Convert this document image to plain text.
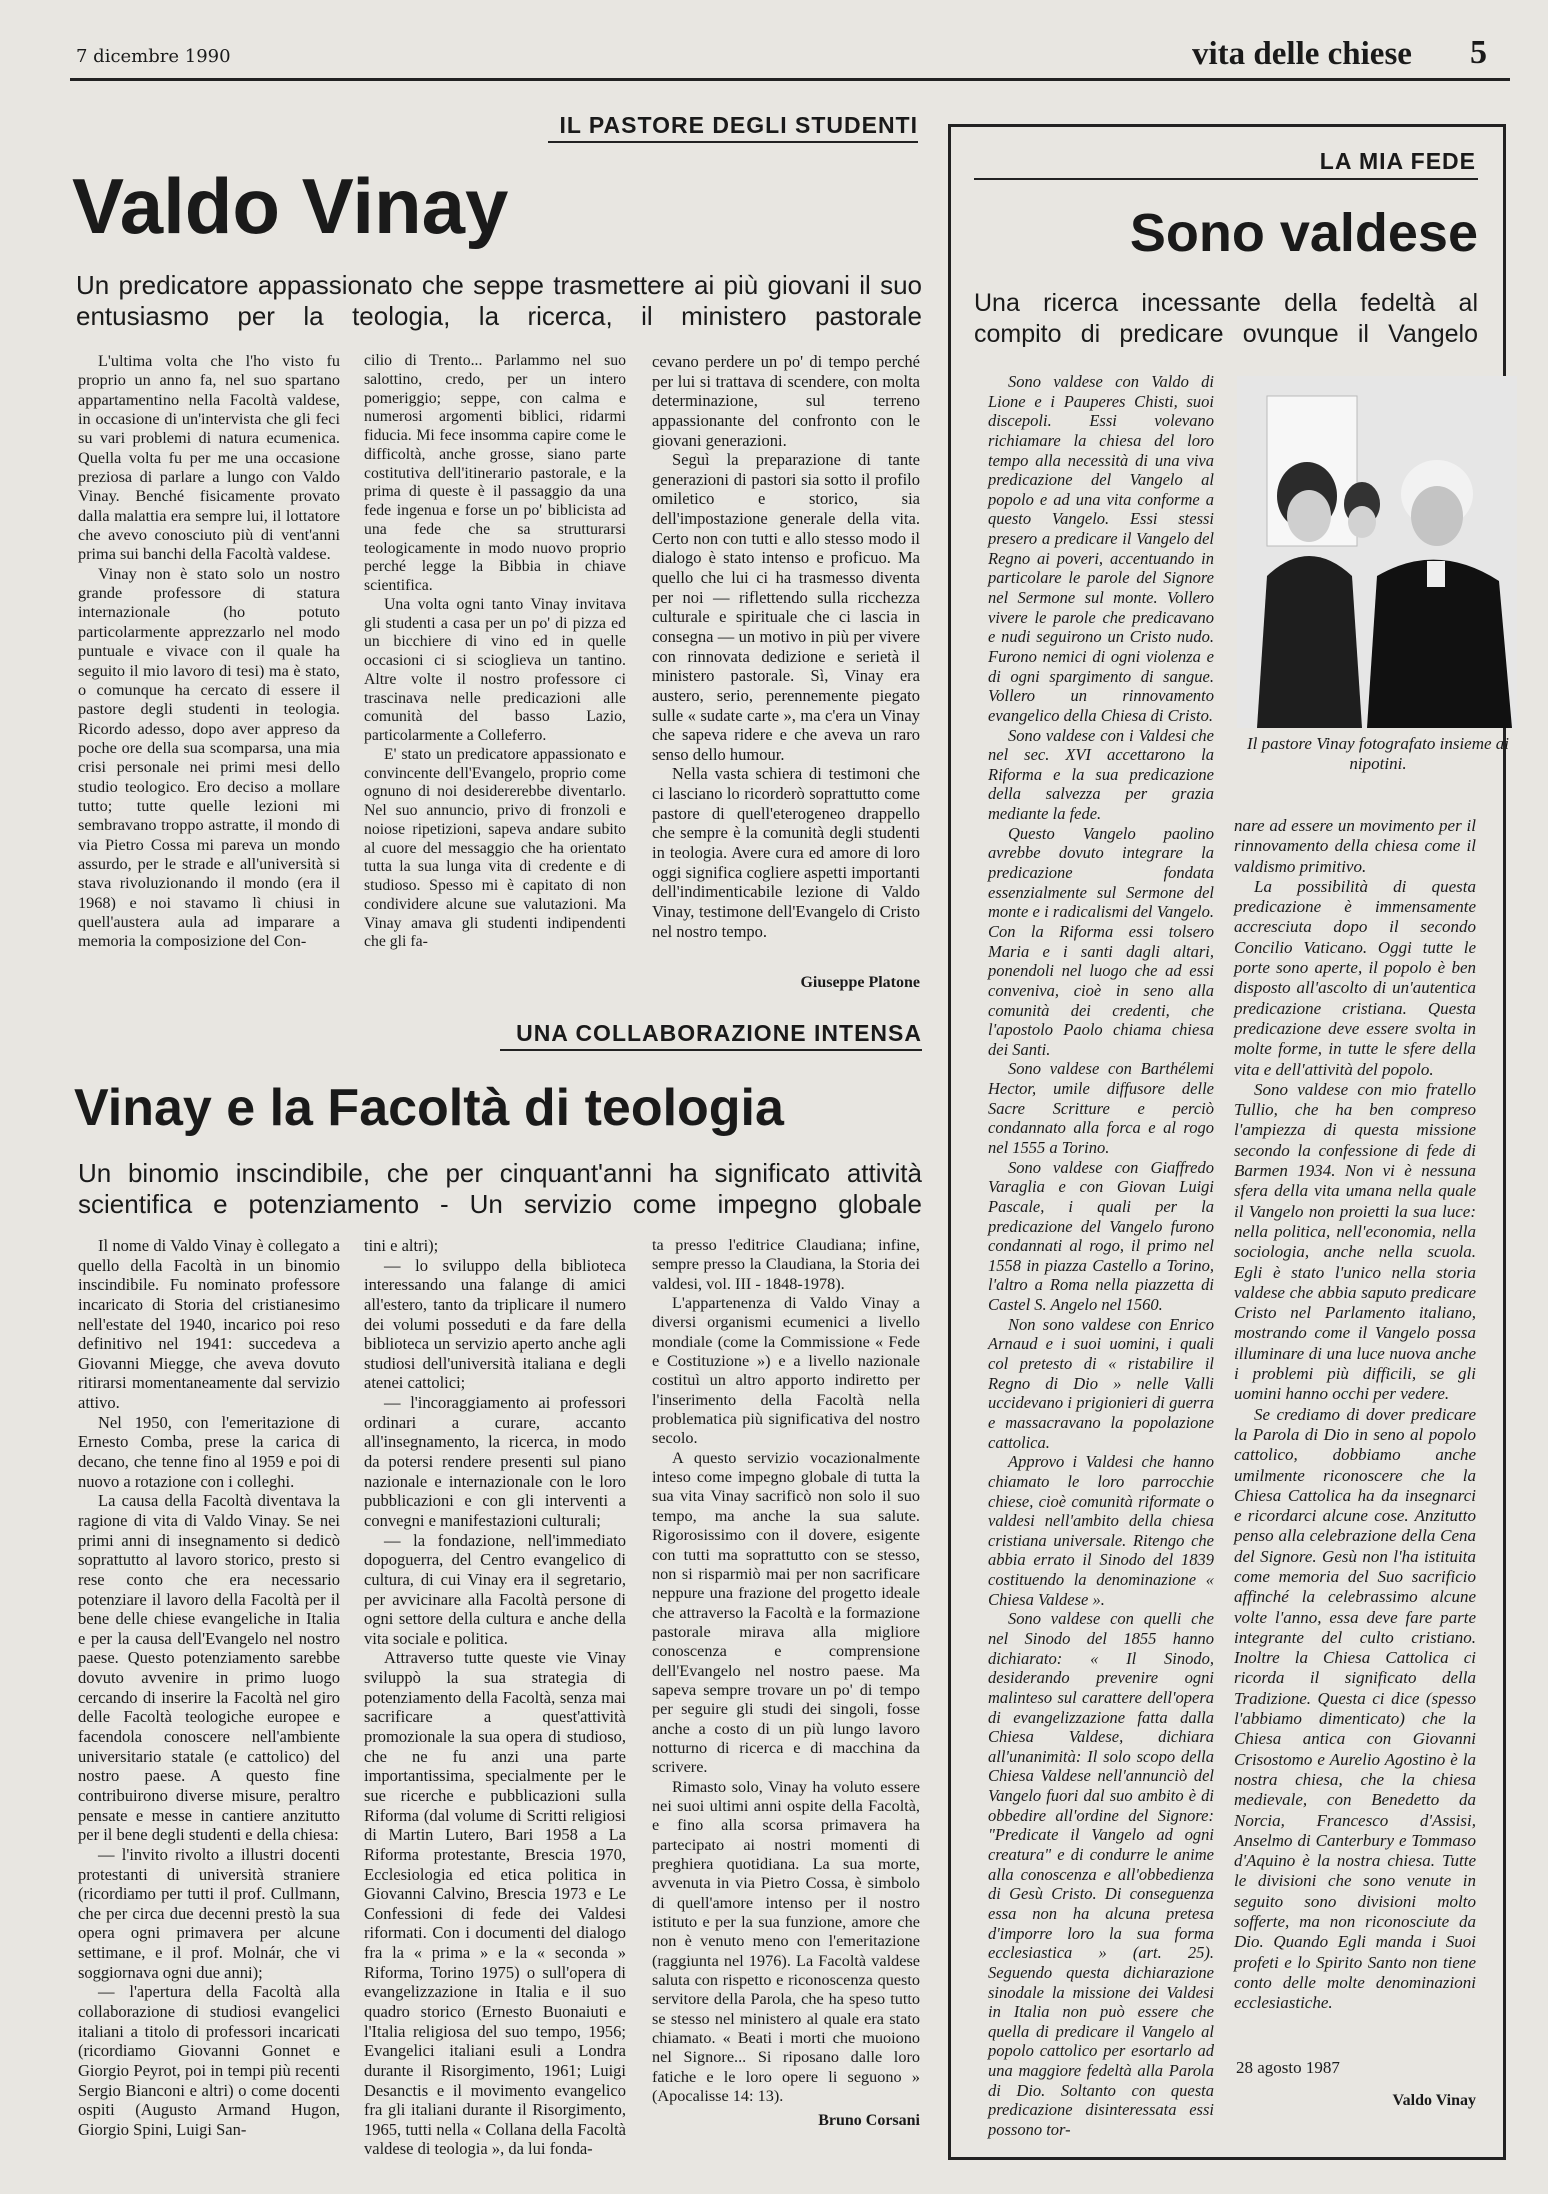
7 dicembre 1990	vita delle chiese 5
IL PASTORE DEGLI STUDENTI
Valdo Vinay
Un predicatore appassionato che seppe trasmettere ai più giovani il suo entusiasmo per la teologia, la ricerca, il ministero pastorale

L'ultima volta che l'ho visto fu proprio un anno fa, nel suo spartano appartamentino nella Facoltà valdese, in occasione di un'intervista che gli feci su vari problemi di natura ecumenica. Quella volta fu per me una occasione preziosa di parlare a lungo con Valdo Vinay. Benché fisicamente provato dalla malattia era sempre lui, il lottatore che avevo conosciuto più di vent'anni prima sui banchi della Facoltà valdese.

Vinay non è stato solo un nostro grande professore di statura internazionale (ho potuto particolarmente apprezzarlo nel modo puntuale e vivace con il quale ha seguito il mio lavoro di tesi) ma è stato, o comunque ha cercato di essere il pastore degli studenti in teologia. Ricordo adesso, dopo aver appreso da poche ore della sua scomparsa, una mia crisi personale nei primi mesi dello studio teologico. Ero deciso a mollare tutto; tutte quelle lezioni mi sembravano troppo astratte, il mondo di via Pietro Cossa mi pareva un mondo assurdo, per le strade e all'università si stava rivoluzionando il mondo (era il 1968) e noi stavamo lì chiusi in quell'austera aula ad imparare a memoria la composizione del Con-

cilio di Trento... Parlammo nel suo salottino, credo, per un intero pomeriggio; seppe, con calma e numerosi argomenti biblici, ridarmi fiducia. Mi fece insomma capire come le difficoltà, anche grosse, siano parte costitutiva dell'itinerario pastorale, e la prima di queste è il passaggio da una fede ingenua e forse un po' biblicista ad una fede che sa strutturarsi teologicamente in modo nuovo proprio perché legge la Bibbia in chiave scientifica.

Una volta ogni tanto Vinay invitava gli studenti a casa per un po' di pizza ed un bicchiere di vino ed in quelle occasioni ci si scioglieva un tantino. Altre volte il nostro professore ci trascinava nelle predicazioni alle comunità del basso Lazio, particolarmente a Colleferro.

E' stato un predicatore appassionato e convincente dell'Evangelo, proprio come ognuno di noi desidererebbe diventarlo. Nel suo annuncio, privo di fronzoli e noiose ripetizioni, sapeva andare subito al cuore del messaggio che ha orientato tutta la sua lunga vita di credente e di studioso. Spesso mi è capitato di non condividere alcune sue valutazioni. Ma Vinay amava gli studenti indipendenti che gli fa-

cevano perdere un po' di tempo perché per lui si trattava di scendere, con molta determinazione, sul terreno appassionante del confronto con le giovani generazioni.

Seguì la preparazione di tante generazioni di pastori sia sotto il profilo omiletico e storico, sia dell'impostazione generale della vita. Certo non con tutti e allo stesso modo il dialogo è stato intenso e proficuo. Ma quello che lui ci ha trasmesso diventa per noi — riflettendo sulla ricchezza culturale e spirituale che ci lascia in consegna — un motivo in più per vivere con rinnovata dedizione e serietà il ministero pastorale. Sì, Vinay era austero, serio, perennemente piegato sulle « sudate carte », ma c'era un Vinay che sapeva ridere e che aveva un raro senso dello humour.

Nella vasta schiera di testimoni che ci lasciano lo ricorderò soprattutto come pastore di quell'eterogeneo drappello che sempre è la comunità degli studenti in teologia. Avere cura ed amore di loro oggi significa cogliere aspetti importanti dell'indimenticabile lezione di Valdo Vinay, testimone dell'Evangelo di Cristo nel nostro tempo.

Giuseppe Platone
UNA COLLABORAZIONE INTENSA
Vinay e la Facoltà di teologia
Un binomio inscindibile, che per cinquant'anni ha significato attività scientifica e potenziamento - Un servizio come impegno globale

Il nome di Valdo Vinay è collegato a quello della Facoltà in un binomio inscindibile. Fu nominato professore incaricato di Storia del cristianesimo nell'estate del 1940, incarico poi reso definitivo nel 1941: succedeva a Giovanni Miegge, che aveva dovuto ritirarsi momentaneamente dal servizio attivo.

Nel 1950, con l'emeritazione di Ernesto Comba, prese la carica di decano, che tenne fino al 1959 e poi di nuovo a rotazione con i colleghi.

La causa della Facoltà diventava la ragione di vita di Valdo Vinay. Se nei primi anni di insegnamento si dedicò soprattutto al lavoro storico, presto si rese conto che era necessario potenziare il lavoro della Facoltà per il bene delle chiese evangeliche in Italia e per la causa dell'Evangelo nel nostro paese. Questo potenziamento sarebbe dovuto avvenire in primo luogo cercando di inserire la Facoltà nel giro delle Facoltà teologiche europee e facendola conoscere nell'ambiente universitario statale (e cattolico) del nostro paese. A questo fine contribuirono diverse misure, peraltro pensate e messe in cantiere anzitutto per il bene degli studenti e della chiesa:

— l'invito rivolto a illustri docenti protestanti di università straniere (ricordiamo per tutti il prof. Cullmann, che per circa due decenni prestò la sua opera ogni primavera per alcune settimane, e il prof. Molnár, che vi soggiornava ogni due anni);

— l'apertura della Facoltà alla collaborazione di studiosi evangelici italiani a titolo di professori incaricati (ricordiamo Giovanni Gonnet e Giorgio Peyrot, poi in tempi più recenti Sergio Bianconi e altri) o come docenti ospiti (Augusto Armand Hugon, Giorgio Spini, Luigi San-

tini e altri);

— lo sviluppo della biblioteca interessando una falange di amici all'estero, tanto da triplicare il numero dei volumi posseduti e da fare della biblioteca un servizio aperto anche agli studiosi dell'università italiana e degli atenei cattolici;

— l'incoraggiamento ai professori ordinari a curare, accanto all'insegnamento, la ricerca, in modo da potersi rendere presenti sul piano nazionale e internazionale con le loro pubblicazioni e con gli interventi a convegni e manifestazioni culturali;

— la fondazione, nell'immediato dopoguerra, del Centro evangelico di cultura, di cui Vinay era il segretario, per avvicinare alla Facoltà persone di ogni settore della cultura e anche della vita sociale e politica.

Attraverso tutte queste vie Vinay sviluppò la sua strategia di potenziamento della Facoltà, senza mai sacrificare a quest'attività promozionale la sua opera di studioso, che ne fu anzi una parte importantissima, specialmente per le sue ricerche e pubblicazioni sulla Riforma (dal volume di Scritti religiosi di Martin Lutero, Bari 1958 a La Riforma protestante, Brescia 1970, Ecclesiologia ed etica politica in Giovanni Calvino, Brescia 1973 e Le Confessioni di fede dei Valdesi riformati. Con i documenti del dialogo fra la « prima » e la « seconda » Riforma, Torino 1975) o sull'opera di evangelizzazione in Italia e il suo quadro storico (Ernesto Buonaiuti e l'Italia religiosa del suo tempo, 1956; Evangelici italiani esuli a Londra durante il Risorgimento, 1961; Luigi Desanctis e il movimento evangelico fra gli italiani durante il Risorgimento, 1965, tutti nella « Collana della Facoltà valdese di teologia », da lui fonda-

ta presso l'editrice Claudiana; infine, sempre presso la Claudiana, la Storia dei valdesi, vol. III - 1848-1978).

L'appartenenza di Valdo Vinay a diversi organismi ecumenici a livello mondiale (come la Commissione « Fede e Costituzione ») e a livello nazionale costituì un altro apporto indiretto per l'inserimento della Facoltà nella problematica più significativa del nostro secolo.

A questo servizio vocazionalmente inteso come impegno globale di tutta la sua vita Vinay sacrificò non solo il suo tempo, ma anche la sua salute. Rigorosissimo con il dovere, esigente con tutti ma soprattutto con se stesso, non si risparmiò mai per non sacrificare neppure una frazione del progetto ideale che attraverso la Facoltà e la formazione pastorale mirava alla migliore conoscenza e comprensione dell'Evangelo nel nostro paese. Ma sapeva sempre trovare un po' di tempo per seguire gli studi dei singoli, fosse anche a costo di un più lungo lavoro notturno di ricerca e di macchina da scrivere.

Rimasto solo, Vinay ha voluto essere nei suoi ultimi anni ospite della Facoltà, e fino alla scorsa primavera ha partecipato ai nostri momenti di preghiera quotidiana. La sua morte, avvenuta in via Pietro Cossa, è simbolo di quell'amore intenso per il nostro istituto e per la sua funzione, amore che non è venuto meno con l'emeritazione (raggiunta nel 1976). La Facoltà valdese saluta con rispetto e riconoscenza questo servitore della Parola, che ha speso tutto se stesso nel ministero al quale era stato chiamato. « Beati i morti che muoiono nel Signore... Si riposano dalle loro fatiche e le loro opere li seguono » (Apocalisse 14: 13).

Bruno Corsani
LA MIA FEDE
Sono valdese
Una ricerca incessante della fedeltà al compito di predicare ovunque il Vangelo

Sono valdese con Valdo di Lione e i Pauperes Chisti, suoi discepoli. Essi volevano richiamare la chiesa del loro tempo alla necessità di una viva predicazione del Vangelo al popolo e ad una vita conforme a questo Vangelo. Essi stessi presero a predicare il Vangelo del Regno ai poveri, accentuando in particolare le parole del Signore nel Sermone sul monte. Vollero vivere le parole che predicavano e nudi seguirono un Cristo nudo. Furono nemici di ogni violenza e di ogni spargimento di sangue. Vollero un rinnovamento evangelico della Chiesa di Cristo.

Sono valdese con i Valdesi che nel sec. XVI accettarono la Riforma e la sua predicazione della salvezza per grazia mediante la fede.

Questo Vangelo paolino avrebbe dovuto integrare la predicazione fondata essenzialmente sul Sermone del monte e i radicalismi del Vangelo. Con la Riforma essi tolsero Maria e i santi dagli altari, ponendoli nel luogo che ad essi conveniva, cioè in seno alla comunità dei credenti, che l'apostolo Paolo chiama chiesa dei Santi.

Sono valdese con Barthélemi Hector, umile diffusore delle Sacre Scritture e perciò condannato alla forca e al rogo nel 1555 a Torino.

Sono valdese con Giaffredo Varaglia e con Giovan Luigi Pascale, i quali per la predicazione del Vangelo furono condannati al rogo, il primo nel 1558 in piazza Castello a Torino, l'altro a Roma nella piazzetta di Castel S. Angelo nel 1560.

Non sono valdese con Enrico Arnaud e i suoi uomini, i quali col pretesto di « ristabilire il Regno di Dio » nelle Valli uccidevano i prigionieri di guerra e massacravano la popolazione cattolica.

Approvo i Valdesi che hanno chiamato le loro parrocchie chiese, cioè comunità riformate o valdesi nell'ambito della chiesa cristiana universale. Ritengo che abbia errato il Sinodo del 1839 costituendo la denominazione « Chiesa Valdese ».

Sono valdese con quelli che nel Sinodo del 1855 hanno dichiarato: « Il Sinodo, desiderando prevenire ogni malinteso sul carattere dell'opera di evangelizzazione fatta dalla Chiesa Valdese, dichiara all'unanimità: Il solo scopo della Chiesa Valdese nell'annunciò del Vangelo fuori dal suo ambito è di obbedire all'ordine del Signore: "Predicate il Vangelo ad ogni creatura" e di condurre le anime alla conoscenza e all'obbedienza di Gesù Cristo. Di conseguenza essa non ha alcuna pretesa d'imporre loro la sua forma ecclesiastica » (art. 25). Seguendo questa dichiarazione sinodale la missione dei Valdesi in Italia non può essere che quella di predicare il Vangelo al popolo cattolico per esortarlo ad una maggiore fedeltà alla Parola di Dio. Soltanto con questa predicazione disinteressata essi possono tor-

Il pastore Vinay fotografato insieme ai nipotini.

nare ad essere un movimento per il rinnovamento della chiesa come il valdismo primitivo.

La possibilità di questa predicazione è immensamente accresciuta dopo il secondo Concilio Vaticano. Oggi tutte le porte sono aperte, il popolo è ben disposto all'ascolto di un'autentica predicazione cristiana. Questa predicazione deve essere svolta in molte forme, in tutte le sfere della vita e dell'attività del popolo.

Sono valdese con mio fratello Tullio, che ha ben compreso l'ampiezza di questa missione secondo la confessione di fede di Barmen 1934. Non vi è nessuna sfera della vita umana nella quale il Vangelo non proietti la sua luce: nella politica, nell'economia, nella sociologia, anche nella scuola. Egli è stato l'unico nella storia valdese che abbia saputo predicare Cristo nel Parlamento italiano, mostrando come il Vangelo possa illuminare di una luce nuova anche i problemi più difficili, se gli uomini hanno occhi per vedere.

Se crediamo di dover predicare la Parola di Dio in seno al popolo cattolico, dobbiamo anche umilmente riconoscere che la Chiesa Cattolica ha da insegnarci e ricordarci alcune cose. Anzitutto penso alla celebrazione della Cena del Signore. Gesù non l'ha istituita come memoria del Suo sacrificio affinché la celebrassimo alcune volte l'anno, essa deve fare parte integrante del culto cristiano. Inoltre la Chiesa Cattolica ci ricorda il significato della Tradizione. Questa ci dice (spesso l'abbiamo dimenticato) che la Chiesa antica con Giovanni Crisostomo e Aurelio Agostino è la nostra chiesa, che la chiesa medievale, con Benedetto da Norcia, Francesco d'Assisi, Anselmo di Canterbury e Tommaso d'Aquino è la nostra chiesa. Tutte le divisioni che sono venute in seguito sono divisioni molto sofferte, ma non riconosciute da Dio. Quando Egli manda i Suoi profeti e lo Spirito Santo non tiene conto delle molte denominazioni ecclesiastiche.

28 agosto 1987
Valdo Vinay
